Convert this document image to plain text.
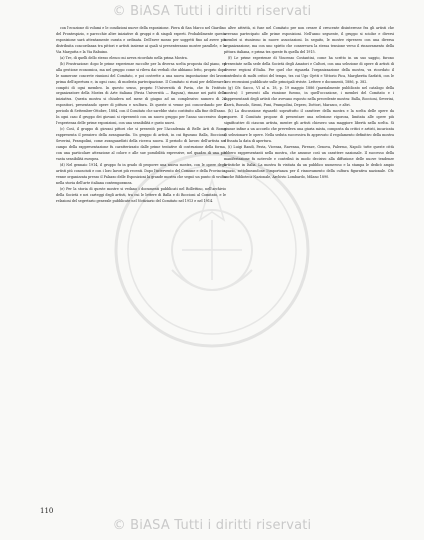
© BiASA Tutti i diritti riservati

con l'ecuzione di volumi e le condizioni nuove della esposizione. Fiera di San Marco nel Giardino del Frontespizio, e parecchie altre iniziative di gruppi e di singoli esperti. Probabilmente questa esposizione sarà attentamente curata e ordinata. Dell'aver mosso per soggetti fino ad avere più distribuita concordanza tra pittori e artisti insieme ai quali si presenteranno mostre parallele, e la Via Margutta e la Via Babuino.

(a) Tre, di quelli dello stesso elenco mi aveva ricordato nella prima Mostra.

(b) Frustrazione: dopo le prime esperienze raccolte per la diversa scelta proposta dal piano, ed alla gestione economica, ma nel gruppo come si rileva dai verbali che abbiamo letto, proprio dopo le numerose concrete riunioni del Comitato, e poi costrette a una nuova impostazione dei lavori prima dell'apertura e, in ogni caso, di modesta partecipazione. Il Comitato si riunì per deliberare i compiti di ogni membro. In questo senso, proprio l'Università di Pavia, che fu l'istituto organizzatore della Mostra di Arte italiana (Pavia Università — Ragusa), rimase nei patti della iniziativa. Questa mostra si chiudeva nel mese di giugno ad un complessivo numero di 24 espositori, presentando opere di pittura e scultura. Di queste si venne poi concordando per il periodo di Settembre-Ottobre, 1884, con il Comitato che sarebbe stato costituito alla fine dell'anno. In ogni caso il gruppo dei giovani si ripresentò con un nuovo gruppo per l'anno successivo dopo l'esperienza delle prime esposizioni, con una sensibilità e gusto nuovi.

(c) Così, il gruppo di giovani pittori che si presentò per l'Accademia di Belle Arti di Roma rappresenta il pensiero della avanguardia. Un gruppo di artisti, in cui figurano Balla, Boccioni, Severini, Prampolini, come avanguardisti della ricerca nuova. Il periodo di lavoro dell'artista nel campo della rappresentazione fu caratterizzato dalle prime tentative di costruzione della forma, con una particolare attenzione al colore e alle sue possibilità espressive, nel quadro di una più vasta sensibilità europea.

(d) Nel gennaio 1914, il gruppo fu in grado di proporre una nuova mostra, con le opere degli artisti più conosciuti e con i loro lavori più recenti. Dopo l'intervento del Comune e della Provincia, venne organizzata presso il Palazzo delle Esposizioni la grande mostra che segnò un punto di svolta nella storia dell'arte italiana contemporanea.

(e) Per la storia di queste mostre si vedano i documenti pubblicati nel Bollettino, nell'archivio della Società e nei carteggi degli artisti, tra cui le lettere di Balla e di Boccioni al Comitato, e le relazioni del segretario generale pubblicate nel Notiziario del Comitato nel 1913 e nel 1914.

altre attività, si fuse nel Comitato per non creare il crescente disinteresse fra gli artisti che avevano partecipato alle prime esposizioni. Nell'anno seguente, il gruppo si sciolse e diversi membri si riunirono in nuove associazioni. In seguito, le mostre ripresero con una diversa organizzazione, ma con uno spirito che conservava la stessa tensione verso il rinnovamento della pittura italiana, e prima tra queste fu quella del 1915.

(f) Le prime esperienze di Vincenzo Costantini, come ha scritto in un suo saggio, furono presentate nella sede della Società degli Amatori e Cultori, con una selezione di opere di artisti di diverse regioni d'Italia. Per quel che riguarda l'organizzazione della mostra, va ricordato il contributo di molti critici del tempo, tra cui Ugo Ojetti e Vittorio Pica, Margherita Sarfatti, con le loro recensioni pubblicate sulle principali riviste. Lettere e documenti, 1886, p. 382.

(g) Cfr. Sacco, VI al n. 18, p. 19 maggio 1886 (parzialmente pubblicato nel catalogo della mostra): I presenti alla riunione furono, in quell'occasione, i membri del Comitato e i rappresentanti degli artisti che avevano esposto nella precedente mostra: Balla, Boccioni, Severini, Carrà, Russolo, Sironi, Funi, Prampolini, Depero, Dottori, Marasco, e altri.

(h) La discussione riguardò soprattutto il carattere della mostra e la scelta delle opere da esporre. Il Comitato propose di presentare una selezione rigorosa, limitata alle opere più significative di ciascun artista, mentre gli artisti chiesero una maggiore libertà nella scelta. Si giunse infine a un accordo che prevedeva una giuria mista, composta da critici e artisti, incaricata di selezionare le opere. Nella seduta successiva fu approvato il regolamento definitivo della mostra e fissata la data di apertura.

(i) Luigi Randi, Pavia, Vicenza, Ravenna, Firenze, Genova, Palermo, Napoli: tutte queste città ebbero rappresentanti nella mostra, che assunse così un carattere nazionale. Il successo della manifestazione fu notevole e contribuì in modo decisivo alla diffusione delle nuove tendenze artistiche in Italia. La mostra fu visitata da un pubblico numeroso e la stampa le dedicò ampio spazio, sottolineandone l'importanza per il rinnovamento della cultura figurativa nazionale. Cfr. anche Biblioteca Nazionale, Archivio Lombardo, Milano 1890.

110
© BiASA Tutti i diritti riservati
